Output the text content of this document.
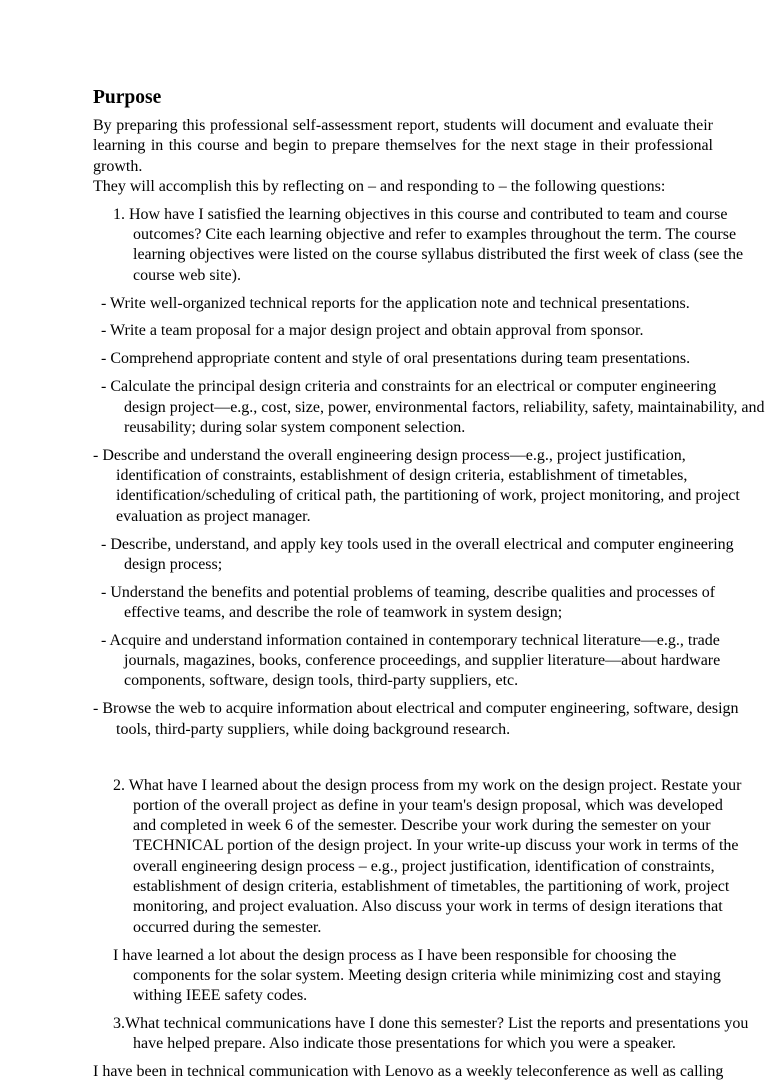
Purpose
By preparing this professional self-assessment report, students will document and evaluate their
learning in this course and begin to prepare themselves for the next stage in their professional growth.
They will accomplish this by reflecting on – and responding to – the following questions:
1. How have I satisfied the learning objectives in this course and contributed to team and course
outcomes? Cite each learning objective and refer to examples throughout the term. The course
learning objectives were listed on the course syllabus distributed the first week of class (see the
course web site).
- Write well-organized technical reports for the application note and technical presentations.
- Write a team proposal for a major design project and obtain approval from sponsor.
- Comprehend appropriate content and style of oral presentations during team presentations.
- Calculate the principal design criteria and constraints for an electrical or computer engineering
design project—e.g., cost, size, power, environmental factors, reliability, safety, maintainability, and
reusability; during solar system component selection.
- Describe and understand the overall engineering design process—e.g., project justification,
identification of constraints, establishment of design criteria, establishment of timetables,
identification/scheduling of critical path, the partitioning of work, project monitoring, and project
evaluation as project manager.
- Describe, understand, and apply key tools used in the overall electrical and computer engineering
design process;
- Understand the benefits and potential problems of teaming, describe qualities and processes of
effective teams, and describe the role of teamwork in system design;
- Acquire and understand information contained in contemporary technical literature—e.g., trade
journals, magazines, books, conference proceedings, and supplier literature—about hardware
components, software, design tools, third-party suppliers, etc.
- Browse the web to acquire information about electrical and computer engineering, software, design
tools, third-party suppliers, while doing background research.
2. What have I learned about the design process from my work on the design project. Restate your
portion of the overall project as define in your team's design proposal, which was developed
and completed in week 6 of the semester. Describe your work during the semester on your
TECHNICAL portion of the design project. In your write-up discuss your work in terms of the
overall engineering design process – e.g., project justification, identification of constraints,
establishment of design criteria, establishment of timetables, the partitioning of work, project
monitoring, and project evaluation. Also discuss your work in terms of design iterations that
occurred during the semester.
I have learned a lot about the design process as I have been responsible for choosing the
components for the solar system. Meeting design criteria while minimizing cost and staying
withing IEEE safety codes.
3.What technical communications have I done this semester? List the reports and presentations you
have helped prepare. Also indicate those presentations for which you were a speaker.
I have been in technical communication with Lenovo as a weekly teleconference as well as calling
